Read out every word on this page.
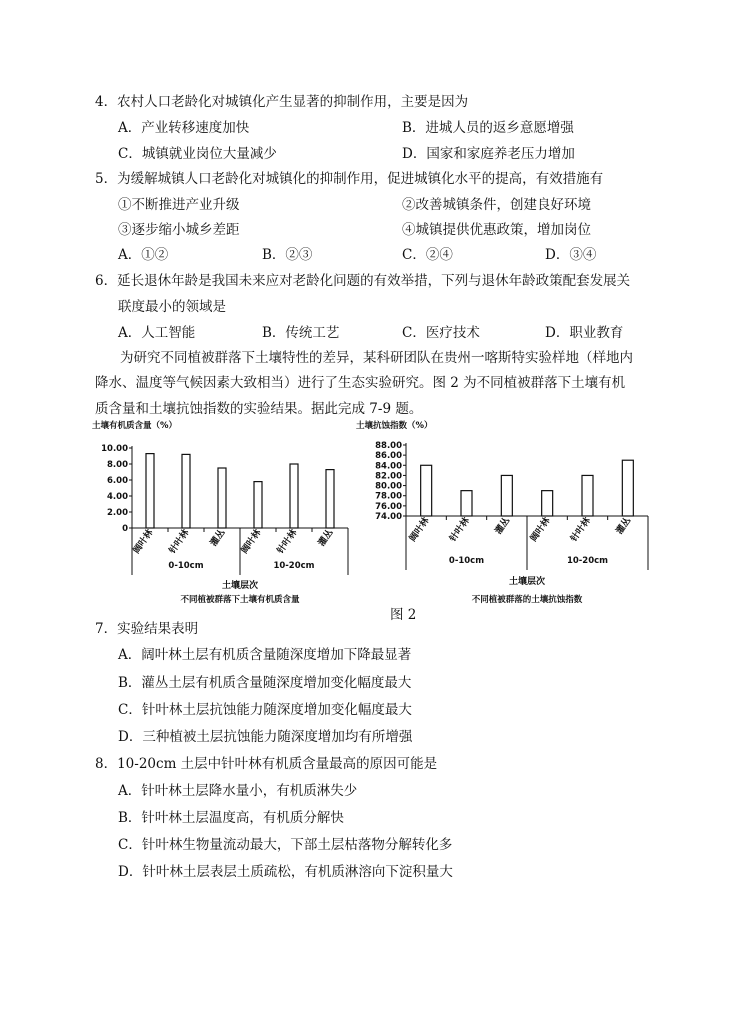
4．农村人口老龄化对城镇化产生显著的抑制作用，主要是因为
A．产业转移速度加快	B．进城人员的返乡意愿增强
C．城镇就业岗位大量减少	D．国家和家庭养老压力增加
5．为缓解城镇人口老龄化对城镇化的抑制作用，促进城镇化水平的提高，有效措施有
①不断推进产业升级	②改善城镇条件，创建良好环境
③逐步缩小城乡差距	④城镇提供优惠政策，增加岗位
A．①②	B．②③	C．②④	D．③④
6．延长退休年龄是我国未来应对老龄化问题的有效举措，下列与退休年龄政策配套发展关
联度最小的领域是
A．人工智能	B．传统工艺	C．医疗技术	D．职业教育
为研究不同植被群落下土壤特性的差异，某科研团队在贵州一喀斯特实验样地（样地内
降水、温度等气候因素大致相当）进行了生态实验研究。图 2 为不同植被群落下土壤有机
质含量和土壤抗蚀指数的实验结果。据此完成 7-9 题。
土壤有机质含量（%）
0
2.00
4.00
6.00
8.00
10.00
阔叶林 针叶林 灌丛 阔叶林 针叶林 灌丛
0-10cm	10-20cm
土壤层次
不同植被群落下土壤有机质含量
土壤抗蚀指数（%）
74.00
76.00
78.00
80.00
82.00
84.00
86.00
88.00
阔叶林 针叶林 灌丛 阔叶林 针叶林 灌丛
0-10cm	10-20cm
土壤层次
不同植被群落的土壤抗蚀指数
图 2
7．实验结果表明
A．阔叶林土层有机质含量随深度增加下降最显著
B．灌丛土层有机质含量随深度增加变化幅度最大
C．针叶林土层抗蚀能力随深度增加变化幅度最大
D．三种植被土层抗蚀能力随深度增加均有所增强
8．10-20cm 土层中针叶林有机质含量最高的原因可能是
A．针叶林土层降水量小，有机质淋失少
B．针叶林土层温度高，有机质分解快
C．针叶林生物量流动最大，下部土层枯落物分解转化多
D．针叶林土层表层土质疏松，有机质淋溶向下淀积量大
